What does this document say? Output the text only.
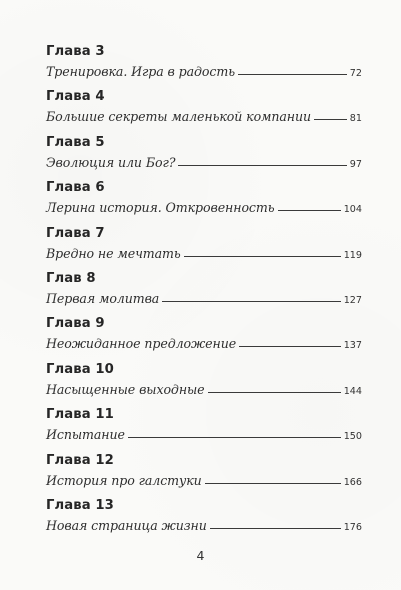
Глава 3
Тренировка. Игра в радость	72
Глава 4
Большие секреты маленькой компании	81
Глава 5
Эволюция или Бог?	97
Глава 6
Лерина история. Откровенность	104
Глава 7
Вредно не мечтать	119
Глав 8
Первая молитва	127
Глава 9
Неожиданное предложение	137
Глава 10
Насыщенные выходные	144
Глава 11
Испытание	150
Глава 12
История про галстуки	166
Глава 13
Новая страница жизни	176
4
